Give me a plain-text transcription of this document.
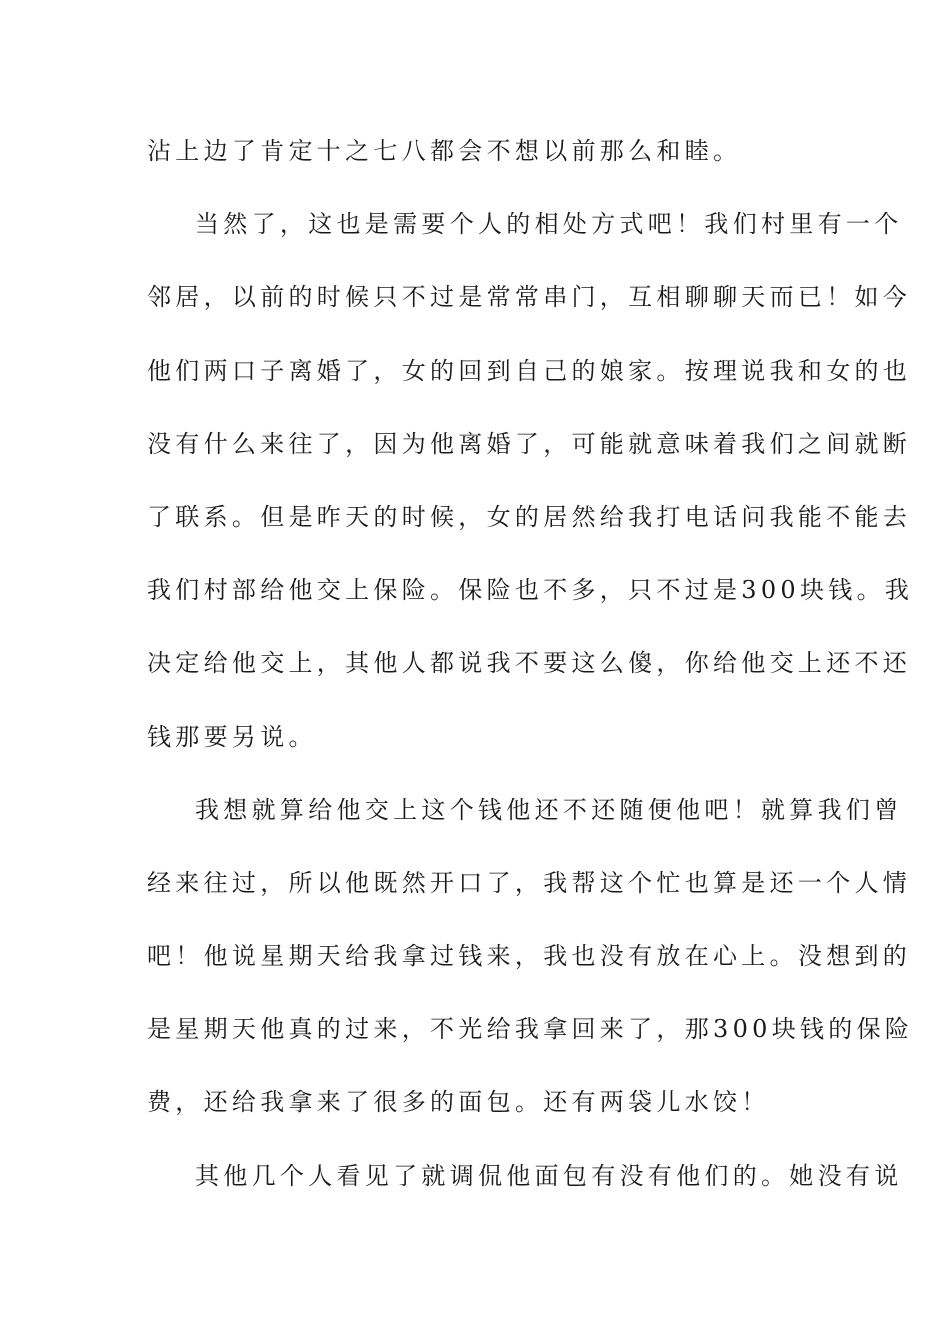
沾上边了肯定十之七八都会不想以前那么和睦。
当然了，这也是需要个人的相处方式吧！我们村里有一个
邻居，以前的时候只不过是常常串门，互相聊聊天而已！如今
他们两口子离婚了，女的回到自己的娘家。按理说我和女的也
没有什么来往了，因为他离婚了，可能就意味着我们之间就断
了联系。但是昨天的时候，女的居然给我打电话问我能不能去
我们村部给他交上保险。保险也不多，只不过是300块钱。我
决定给他交上，其他人都说我不要这么傻，你给他交上还不还
钱那要另说。
我想就算给他交上这个钱他还不还随便他吧！就算我们曾
经来往过，所以他既然开口了，我帮这个忙也算是还一个人情
吧！他说星期天给我拿过钱来，我也没有放在心上。没想到的
是星期天他真的过来，不光给我拿回来了，那300块钱的保险
费，还给我拿来了很多的面包。还有两袋儿水饺！
其他几个人看见了就调侃他面包有没有他们的。她没有说
